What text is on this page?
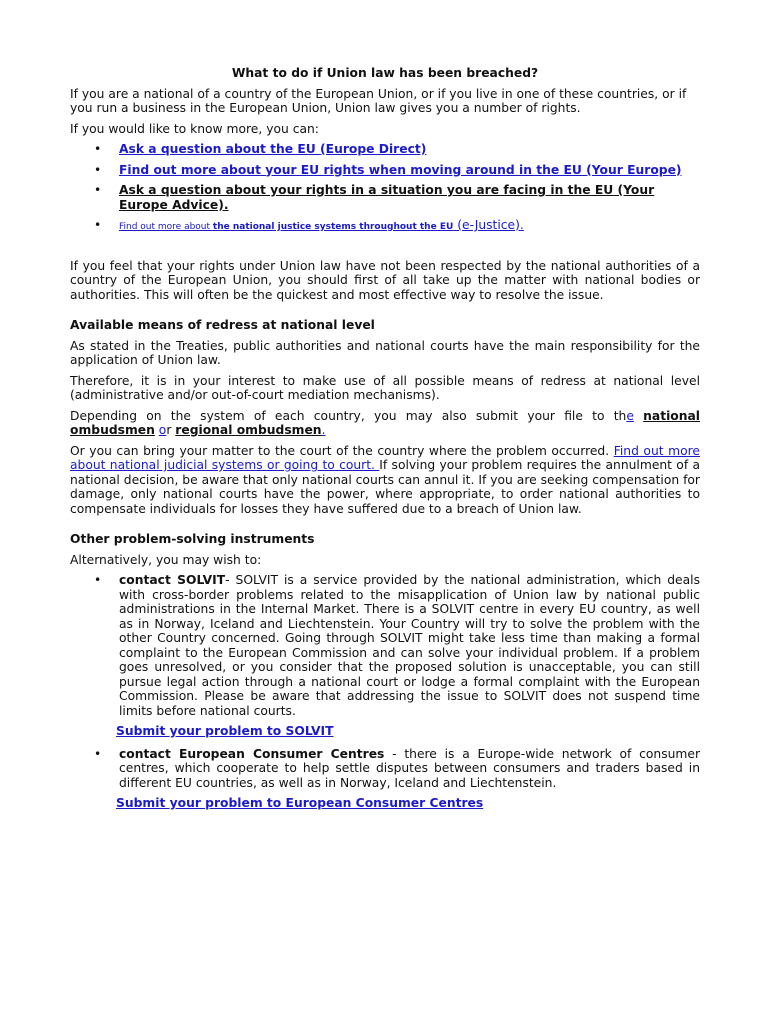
What to do if Union law has been breached?

If you are a national of a country of the European Union, or if you live in one of these countries, or if you run a business in the European Union, Union law gives you a number of rights.

If you would like to know more, you can:

• Ask a question about the EU (Europe Direct)
• Find out more about your EU rights when moving around in the EU (Your Europe)
• Ask a question about your rights in a situation you are facing in the EU (Your Europe Advice).
• Find out more about the national justice systems throughout the EU (e-Justice).

If you feel that your rights under Union law have not been respected by the national authorities of a country of the European Union, you should first of all take up the matter with national bodies or authorities. This will often be the quickest and most effective way to resolve the issue.

Available means of redress at national level

As stated in the Treaties, public authorities and national courts have the main responsibility for the application of Union law.

Therefore, it is in your interest to make use of all possible means of redress at national level (administrative and/or out-of-court mediation mechanisms).

Depending on the system of each country, you may also submit your file to the national ombudsmen or regional ombudsmen.

Or you can bring your matter to the court of the country where the problem occurred. Find out more about national judicial systems or going to court. If solving your problem requires the annulment of a national decision, be aware that only national courts can annul it. If you are seeking compensation for damage, only national courts have the power, where appropriate, to order national authorities to compensate individuals for losses they have suffered due to a breach of Union law.

Other problem-solving instruments

Alternatively, you may wish to:

• contact SOLVIT- SOLVIT is a service provided by the national administration, which deals with cross-border problems related to the misapplication of Union law by national public administrations in the Internal Market. There is a SOLVIT centre in every EU country, as well as in Norway, Iceland and Liechtenstein. Your Country will try to solve the problem with the other Country concerned. Going through SOLVIT might take less time than making a formal complaint to the European Commission and can solve your individual problem. If a problem goes unresolved, or you consider that the proposed solution is unacceptable, you can still pursue legal action through a national court or lodge a formal complaint with the European Commission. Please be aware that addressing the issue to SOLVIT does not suspend time limits before national courts.

Submit your problem to SOLVIT

• contact European Consumer Centres - there is a Europe-wide network of consumer centres, which cooperate to help settle disputes between consumers and traders based in different EU countries, as well as in Norway, Iceland and Liechtenstein.

Submit your problem to European Consumer Centres
